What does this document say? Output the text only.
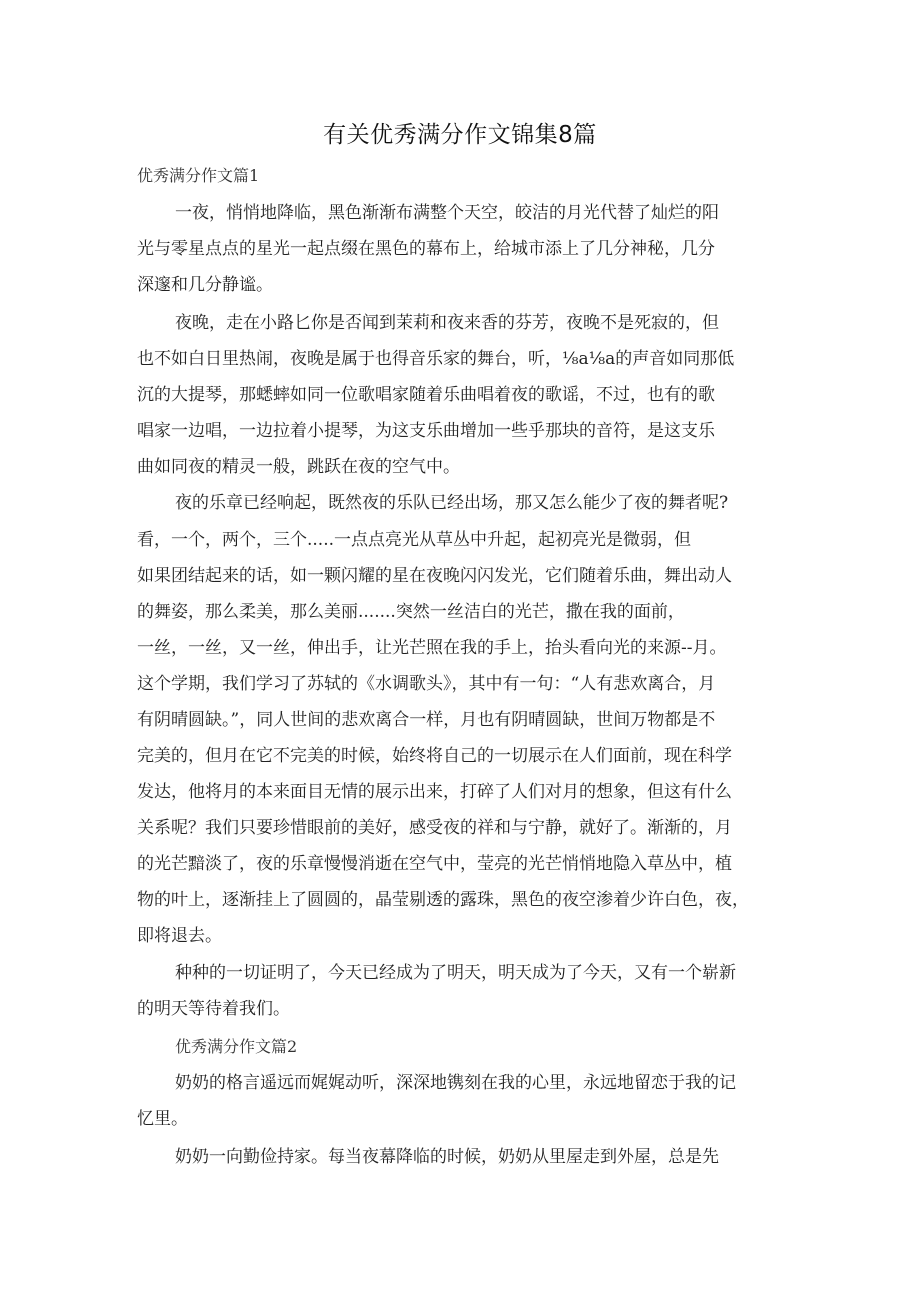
有关优秀满分作文锦集8篇
优秀满分作文篇1
一夜，悄悄地降临，黑色渐渐布满整个天空，皎洁的月光代替了灿烂的阳
光与零星点点的星光一起点缀在黑色的幕布上，给城市添上了几分神秘，几分
深邃和几分静谧。
夜晚，走在小路匕你是否闻到茉莉和夜来香的芬芳，夜晚不是死寂的，但
也不如白日里热闹，夜晚是属于也得音乐家的舞台，听，⅛a⅛a的声音如同那低
沉的大提琴，那蟋蟀如同一位歌唱家随着乐曲唱着夜的歌谣，不过，也有的歌
唱家一边唱，一边拉着小提琴，为这支乐曲增加一些乎那块的音符，是这支乐
曲如同夜的精灵一般，跳跃在夜的空气中。
夜的乐章已经响起，既然夜的乐队已经出场，那又怎么能少了夜的舞者呢?
看，一个，两个，三个.....一点点亮光从草丛中升起，起初亮光是微弱，但
如果团结起来的话，如一颗闪耀的星在夜晚闪闪发光，它们随着乐曲，舞出动人
的舞姿，那么柔美，那么美丽.......突然一丝洁白的光芒，撒在我的面前，
一丝，一丝，又一丝，伸出手，让光芒照在我的手上，抬头看向光的来源--月。
这个学期，我们学习了苏轼的《水调歌头》，其中有一句：“人有悲欢离合，月
有阴晴圆缺。”，同人世间的悲欢离合一样，月也有阴晴圆缺，世间万物都是不
完美的，但月在它不完美的时候，始终将自己的一切展示在人们面前，现在科学
发达，他将月的本来面目无情的展示出来，打碎了人们对月的想象，但这有什么
关系呢？我们只要珍惜眼前的美好，感受夜的祥和与宁静，就好了。渐渐的，月
的光芒黯淡了，夜的乐章慢慢消逝在空气中，莹亮的光芒悄悄地隐入草丛中，植
物的叶上，逐渐挂上了圆圆的，晶莹剔透的露珠，黑色的夜空渗着少许白色，夜，
即将退去。
种种的一切证明了，今天已经成为了明天，明天成为了今天，又有一个崭新
的明天等待着我们。
优秀满分作文篇2
奶奶的格言遥远而娓娓动听，深深地镌刻在我的心里，永远地留恋于我的记
忆里。
奶奶一向勤俭持家。每当夜幕降临的时候，奶奶从里屋走到外屋，总是先
